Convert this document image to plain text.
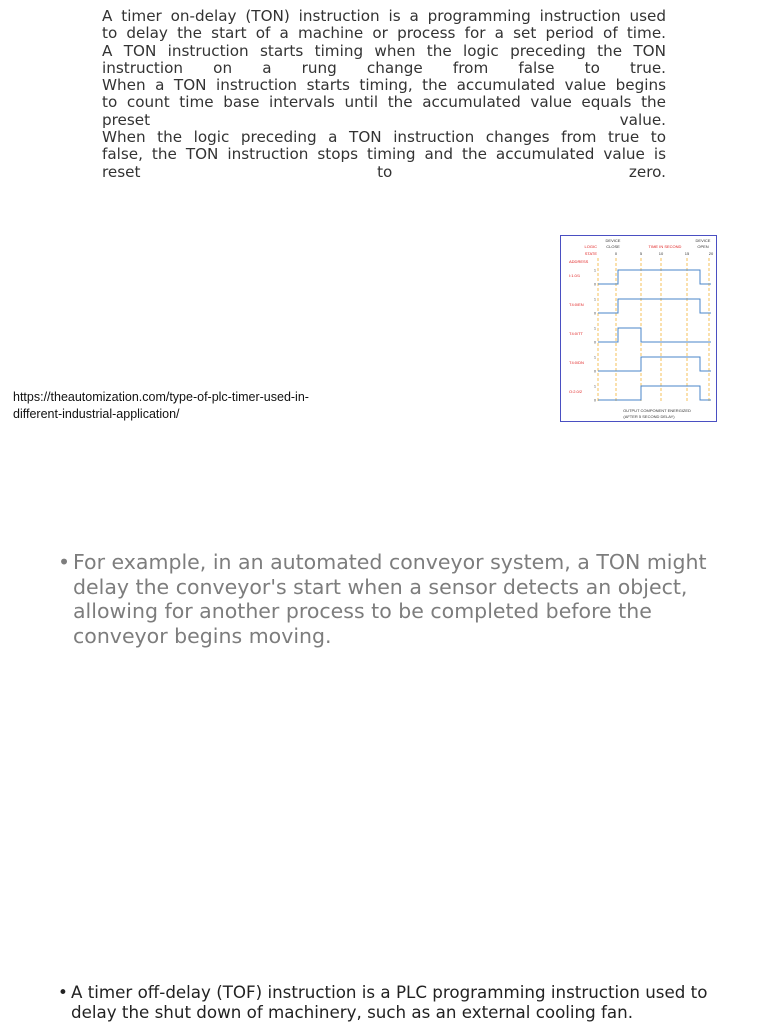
A timer on-delay (TON) instruction is a programming instruction used
to delay the start of a machine or process for a set period of time.
A TON instruction starts timing when the logic preceding the TON
instruction on a rung change from false to true.
When a TON instruction starts timing, the accumulated value begins
to count time base intervals until the accumulated value equals the
preset value.
When the logic preceding a TON instruction changes from true to
false, the TON instruction stops timing and the accumulated value is
reset to zero.
https://theautomization.com/type-of-plc-timer-used-in-
different-industrial-application/
DEVICE
CLOSE
DEVICE
OPEN
LOGIC
STATE
TIME IN SECOND
ADDRESS
0	5	10	15	20
I:1.0/1
1
0
T4:0/EN
1
0
T4:0/TT
1
0
T4:0/DN
1
0
O:2.0/2
1
0
OUTPUT COMPONENT ENERGIZED
(AFTER 5 SECOND DELAY)
• For example, in an automated conveyor system, a TON might delay the conveyor's start when a sensor detects an object, allowing for another process to be completed before the conveyor begins moving.
• A timer off-delay (TOF) instruction is a PLC programming instruction used to delay the shut down of machinery, such as an external cooling fan.
